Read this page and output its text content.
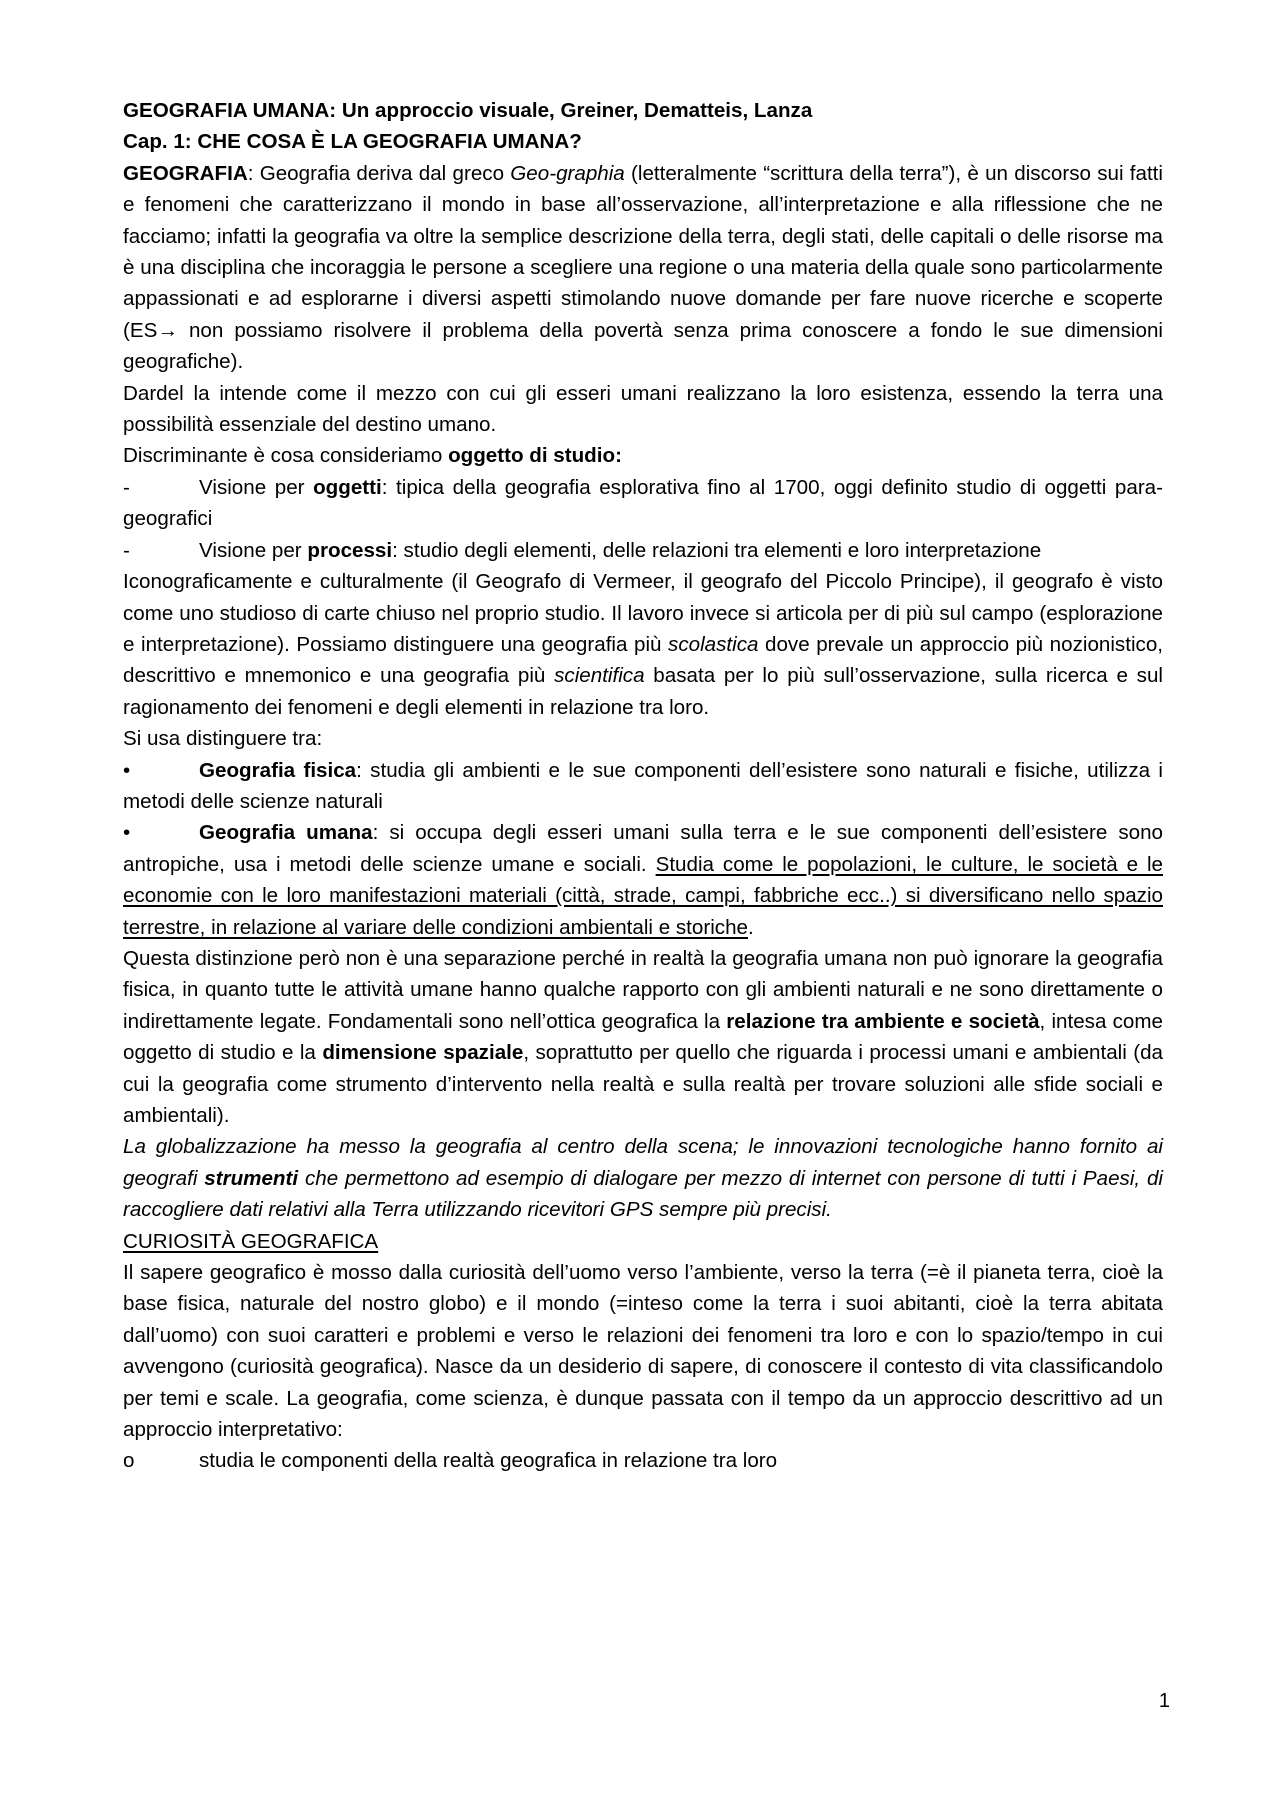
GEOGRAFIA UMANA: Un approccio visuale, Greiner, Dematteis, Lanza

Cap. 1: CHE COSA È LA GEOGRAFIA UMANA?

GEOGRAFIA: Geografia deriva dal greco Geo-graphia (letteralmente “scrittura della terra”), è un discorso sui fatti e fenomeni che caratterizzano il mondo in base all’osservazione, all’interpretazione e alla riflessione che ne facciamo; infatti la geografia va oltre la semplice descrizione della terra, degli stati, delle capitali o delle risorse ma è una disciplina che incoraggia le persone a scegliere una regione o una materia della quale sono particolarmente appassionati e ad esplorarne i diversi aspetti stimolando nuove domande per fare nuove ricerche e scoperte (ES→ non possiamo risolvere il problema della povertà senza prima conoscere a fondo le sue dimensioni geografiche).

Dardel la intende come il mezzo con cui gli esseri umani realizzano la loro esistenza, essendo la terra una possibilità essenziale del destino umano.

Discriminante è cosa consideriamo oggetto di studio:

-	Visione per oggetti: tipica della geografia esplorativa fino al 1700, oggi definito studio di oggetti para-geografici

-	Visione per processi: studio degli elementi, delle relazioni tra elementi e loro interpretazione

Iconograficamente e culturalmente (il Geografo di Vermeer, il geografo del Piccolo Principe), il geografo è visto come uno studioso di carte chiuso nel proprio studio. Il lavoro invece si articola per di più sul campo (esplorazione e interpretazione). Possiamo distinguere una geografia più scolastica dove prevale un approccio più nozionistico, descrittivo e mnemonico e una geografia più scientifica basata per lo più sull’osservazione, sulla ricerca e sul ragionamento dei fenomeni e degli elementi in relazione tra loro.

Si usa distinguere tra:

•	Geografia fisica: studia gli ambienti e le sue componenti dell’esistere sono naturali e fisiche, utilizza i metodi delle scienze naturali

•	Geografia umana: si occupa degli esseri umani sulla terra e le sue componenti dell’esistere sono antropiche, usa i metodi delle scienze umane e sociali. Studia come le popolazioni, le culture, le società e le economie con le loro manifestazioni materiali (città, strade, campi, fabbriche ecc..) si diversificano nello spazio terrestre, in relazione al variare delle condizioni ambientali e storiche.

Questa distinzione però non è una separazione perché in realtà la geografia umana non può ignorare la geografia fisica, in quanto tutte le attività umane hanno qualche rapporto con gli ambienti naturali e ne sono direttamente o indirettamente legate. Fondamentali sono nell’ottica geografica la relazione tra ambiente e società, intesa come oggetto di studio e la dimensione spaziale, soprattutto per quello che riguarda i processi umani e ambientali (da cui la geografia come strumento d’intervento nella realtà e sulla realtà per trovare soluzioni alle sfide sociali e ambientali).

La globalizzazione ha messo la geografia al centro della scena; le innovazioni tecnologiche hanno fornito ai geografi strumenti che permettono ad esempio di dialogare per mezzo di internet con persone di tutti i Paesi, di raccogliere dati relativi alla Terra utilizzando ricevitori GPS sempre più precisi.

CURIOSITÀ GEOGRAFICA

Il sapere geografico è mosso dalla curiosità dell’uomo verso l’ambiente, verso la terra (=è il pianeta terra, cioè la base fisica, naturale del nostro globo) e il mondo (=inteso come la terra i suoi abitanti, cioè la terra abitata dall’uomo) con suoi caratteri e problemi e verso le relazioni dei fenomeni tra loro e con lo spazio/tempo in cui avvengono (curiosità geografica). Nasce da un desiderio di sapere, di conoscere il contesto di vita classificandolo per temi e scale. La geografia, come scienza, è dunque passata con il tempo da un approccio descrittivo ad un approccio interpretativo:

o	studia le componenti della realtà geografica in relazione tra loro

1
